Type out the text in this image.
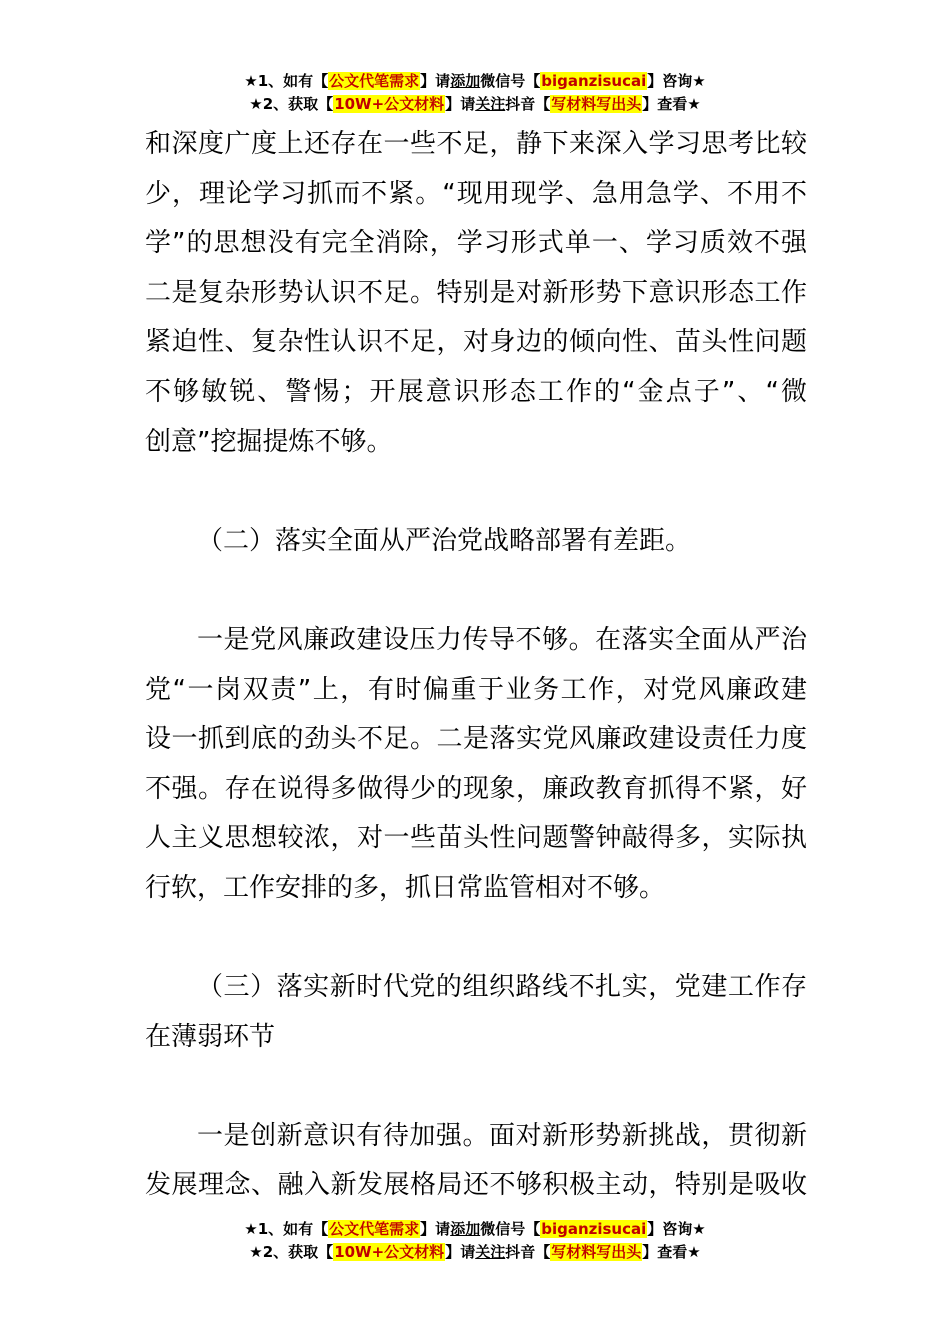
★1、如有【公文代笔需求】请添加微信号【biganzisucai】咨询★
★2、获取【10W+公文材料】请关注抖音【写材料写出头】查看★
和深度广度上还存在一些不足，静下来深入学习思考比较
少，理论学习抓而不紧。“现用现学、急用急学、不用不
学”的思想没有完全消除，学习形式单一、学习质效不强
二是复杂形势认识不足。特别是对新形势下意识形态工作
紧迫性、复杂性认识不足，对身边的倾向性、苗头性问题
不够敏锐、警惕；开展意识形态工作的“金点子”、“微
创意”挖掘提炼不够。
（二）落实全面从严治党战略部署有差距。
一是党风廉政建设压力传导不够。在落实全面从严治
党“一岗双责”上，有时偏重于业务工作，对党风廉政建
设一抓到底的劲头不足。二是落实党风廉政建设责任力度
不强。存在说得多做得少的现象，廉政教育抓得不紧，好
人主义思想较浓，对一些苗头性问题警钟敲得多，实际执
行软，工作安排的多，抓日常监管相对不够。
（三）落实新时代党的组织路线不扎实，党建工作存
在薄弱环节
一是创新意识有待加强。面对新形势新挑战，贯彻新
发展理念、融入新发展格局还不够积极主动，特别是吸收
★1、如有【公文代笔需求】请添加微信号【biganzisucai】咨询★
★2、获取【10W+公文材料】请关注抖音【写材料写出头】查看★
